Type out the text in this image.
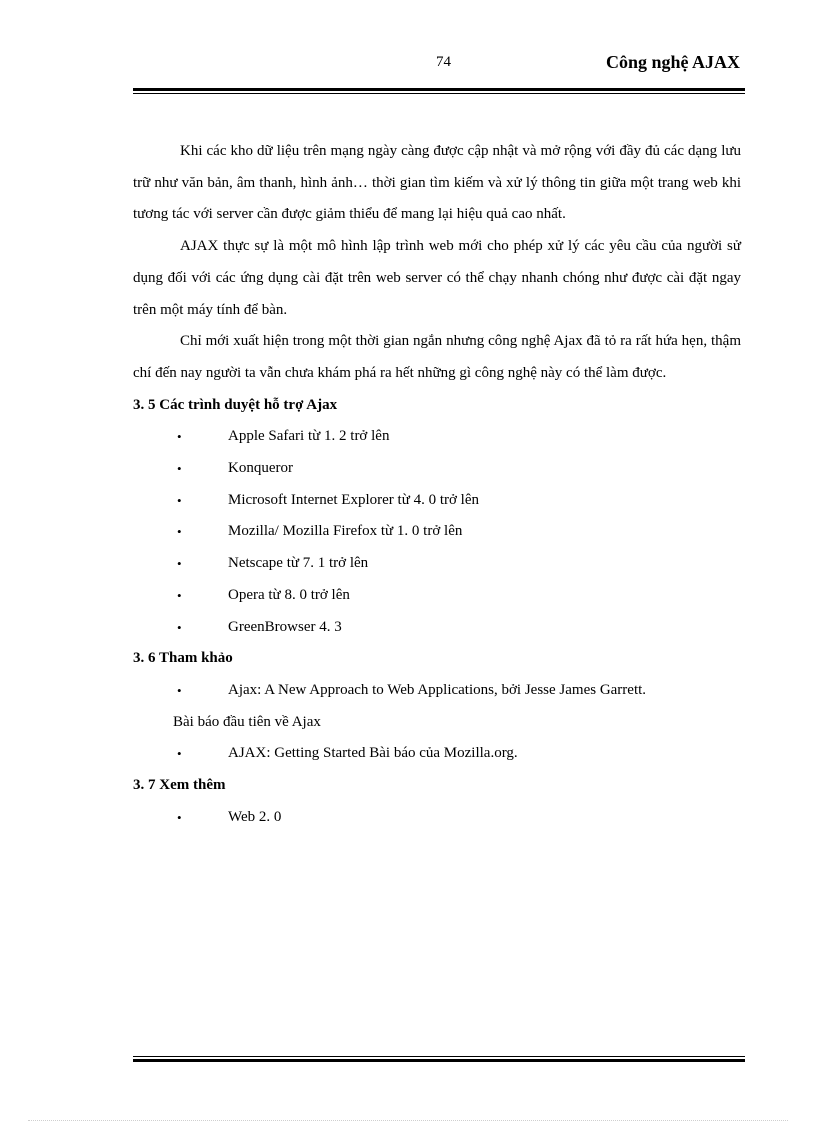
74	Công nghệ AJAX

Khi các kho dữ liệu trên mạng ngày càng được cập nhật và mở rộng với đầy đủ các dạng lưu trữ như văn bản, âm thanh, hình ảnh… thời gian tìm kiếm và xử lý thông tin giữa một trang web khi tương tác với server cần được giảm thiểu để mang lại hiệu quả cao nhất.

AJAX thực sự là một mô hình lập trình web mới cho phép xử lý các yêu cầu của người sử dụng đối với các ứng dụng cài đặt trên web server có thể chạy nhanh chóng như được cài đặt ngay trên một máy tính để bàn.

Chỉ mới xuất hiện trong một thời gian ngắn nhưng công nghệ Ajax đã tỏ ra rất hứa hẹn, thậm chí đến nay người ta vẫn chưa khám phá ra hết những gì công nghệ này có thể làm được.

3. 5 Các trình duyệt hỗ trợ Ajax

•	Apple Safari từ 1. 2 trở lên
•	Konqueror
•	Microsoft Internet Explorer từ 4. 0 trở lên
•	Mozilla/ Mozilla Firefox từ 1. 0 trở lên
•	Netscape từ 7. 1 trở lên
•	Opera từ 8. 0 trở lên
•	GreenBrowser 4. 3

3. 6 Tham khảo

•	Ajax: A New Approach to Web Applications, bởi Jesse James Garrett.

Bài báo đầu tiên về Ajax

•	AJAX: Getting Started Bài báo của Mozilla.org.

3. 7 Xem thêm

•	Web 2. 0
